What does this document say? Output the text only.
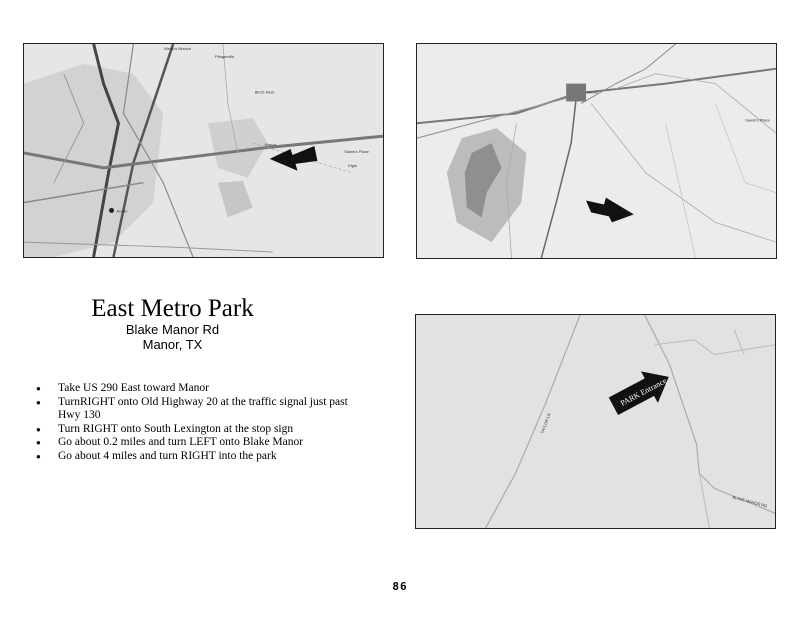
Austin
Manor
Pflugerville
Webb's Branch
Bird's Nest
Sawin's Place
Elgin
Manor
Sawin's Place
East Metro Park
Blake Manor Rd
Manor, TX
● Take US 290 East toward Manor
● TurnRIGHT onto Old Highway 20 at the traffic signal just past Hwy 130
● Turn RIGHT onto South Lexington at the stop sign
● Go about 0.2 miles and turn LEFT onto Blake Manor
● Go about 4 miles and turn RIGHT into the park
TAYLOR LN
BLAKE MANOR RD
PARK Entrance
86
